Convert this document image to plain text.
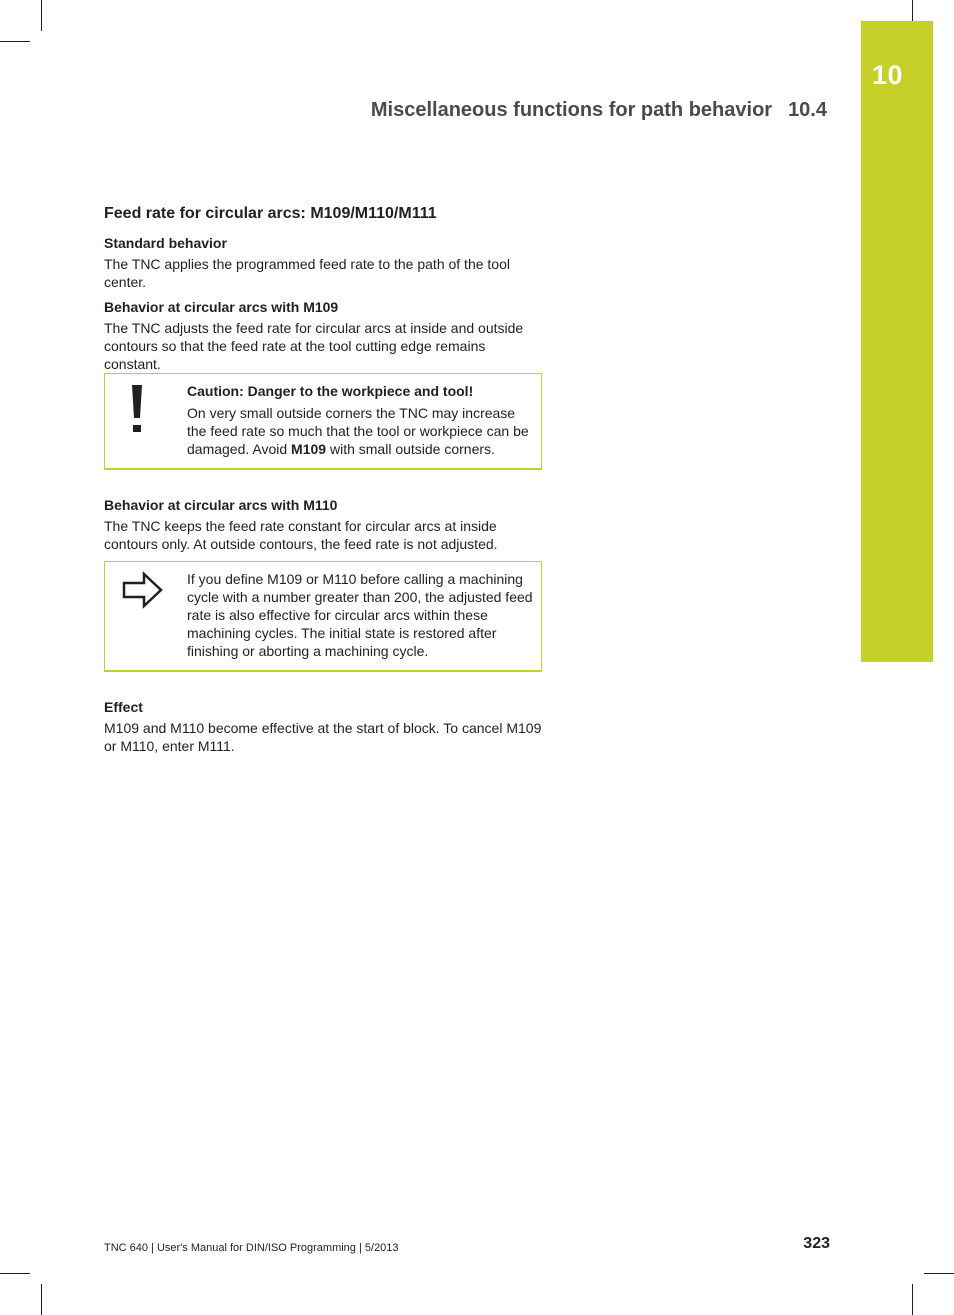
10
Miscellaneous functions for path behavior 10.4
Feed rate for circular arcs: M109/M110/M111
Standard behavior

The TNC applies the programmed feed rate to the path of the tool center.

Behavior at circular arcs with M109

The TNC adjusts the feed rate for circular arcs at inside and outside contours so that the feed rate at the tool cutting edge remains constant.

Caution: Danger to the workpiece and tool!
On very small outside corners the TNC may increase the feed rate so much that the tool or workpiece can be damaged. Avoid M109 with small outside corners.
Behavior at circular arcs with M110

The TNC keeps the feed rate constant for circular arcs at inside contours only. At outside contours, the feed rate is not adjusted.

If you define M109 or M110 before calling a machining cycle with a number greater than 200, the adjusted feed rate is also effective for circular arcs within these machining cycles. The initial state is restored after finishing or aborting a machining cycle.
Effect

M109 and M110 become effective at the start of block. To cancel M109 or M110, enter M111.

TNC 640 | User's Manual for DIN/ISO Programming | 5/2013	323
